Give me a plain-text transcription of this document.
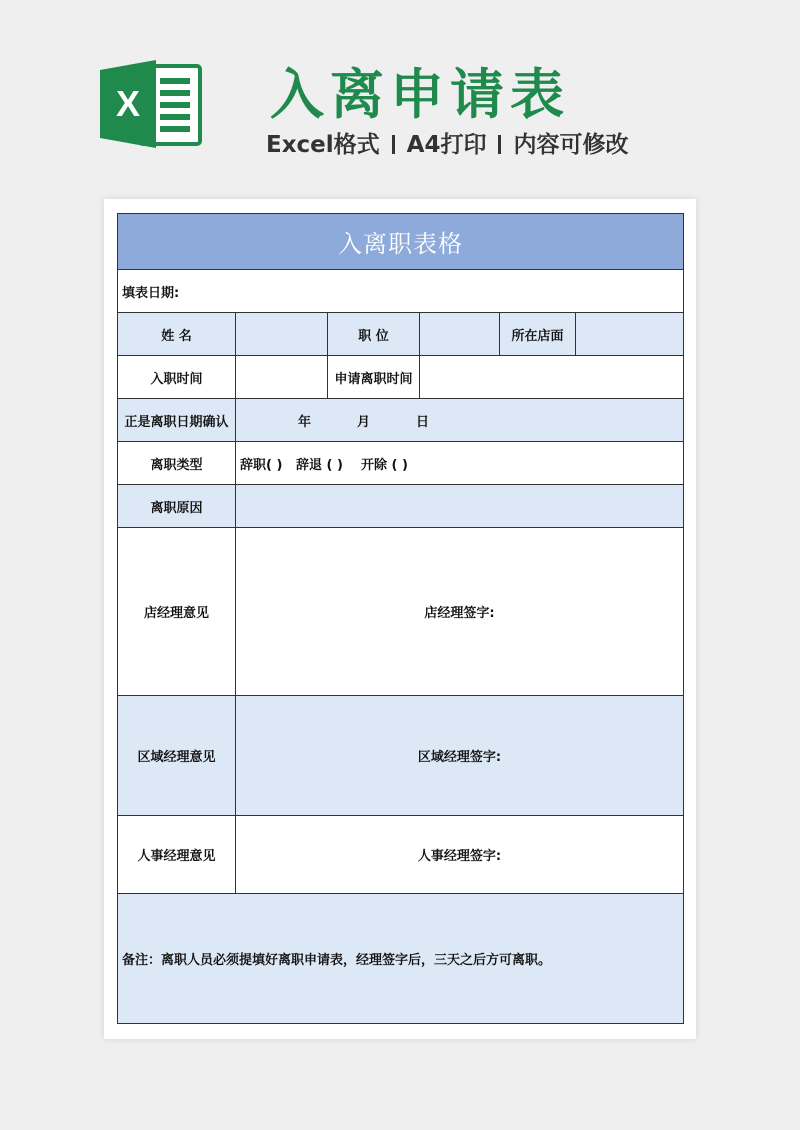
X 入离申请表
Excel格式 A4打印 内容可修改
入离职表格					
填表日期:					
姓 名		职 位		所在店面	
入职时间		申请离职时间			
正是离职日期确认	年 月 日				
离职类型	辞职( )   辞退 ( )    开除 ( )				
离职原因					
店经理意见	店经理签字:				
区域经理意见	区域经理签字:				
人事经理意见	人事经理签字:				
备注：离职人员必须提填好离职申请表，经理签字后，三天之后方可离职。					
